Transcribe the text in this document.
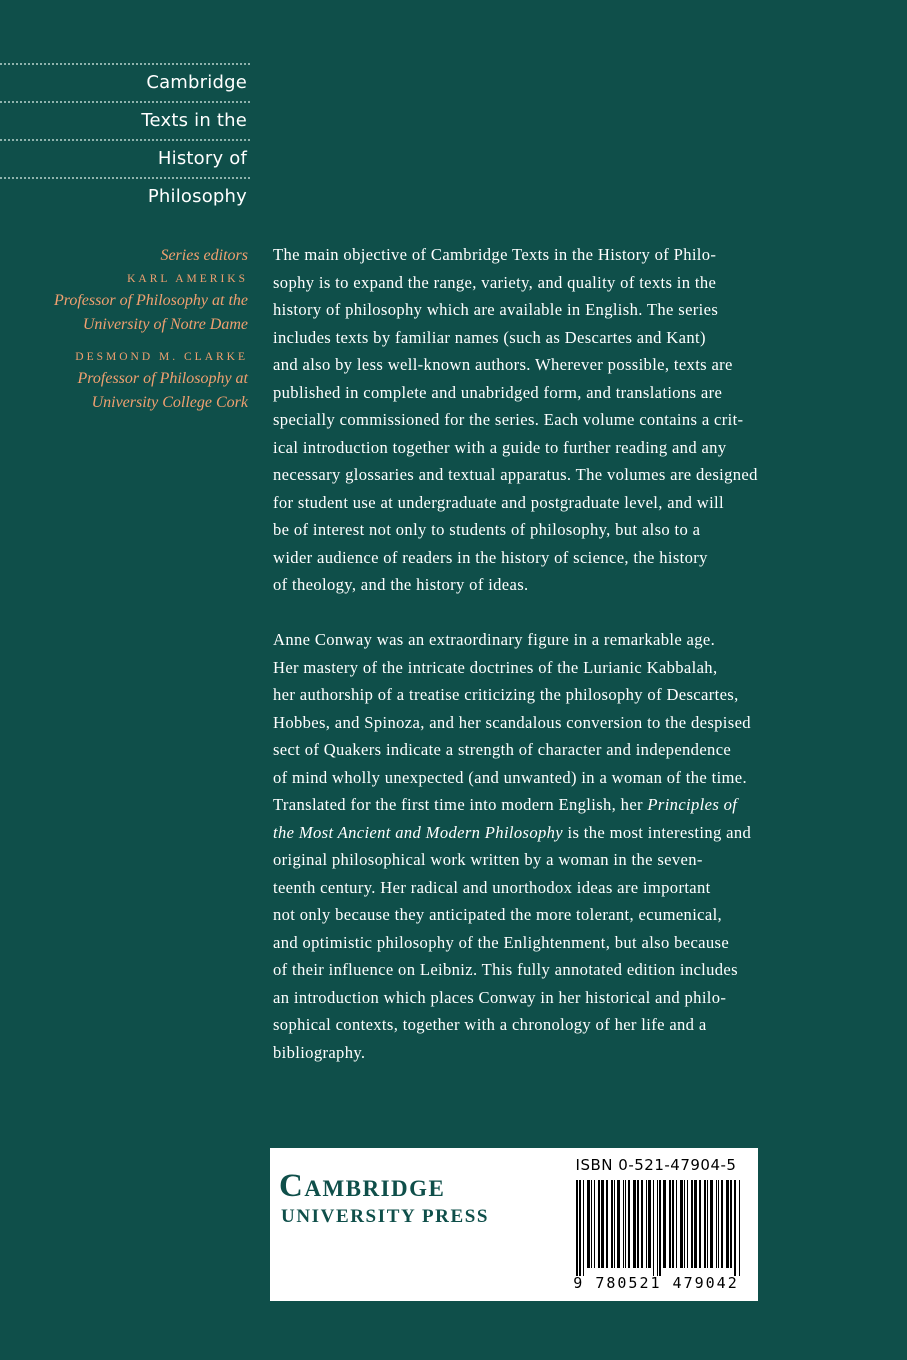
Cambridge
Texts in the
History of
Philosophy
Series editors
KARL AMERIKS
Professor of Philosophy at the
University of Notre Dame
DESMOND M. CLARKE
Professor of Philosophy at
University College Cork

The main objective of Cambridge Texts in the History of Philo-
sophy is to expand the range, variety, and quality of texts in the
history of philosophy which are available in English. The series
includes texts by familiar names (such as Descartes and Kant)
and also by less well-known authors. Wherever possible, texts are
published in complete and unabridged form, and translations are
specially commissioned for the series. Each volume contains a crit-
ical introduction together with a guide to further reading and any
necessary glossaries and textual apparatus. The volumes are designed
for student use at undergraduate and postgraduate level, and will
be of interest not only to students of philosophy, but also to a
wider audience of readers in the history of science, the history
of theology, and the history of ideas.

Anne Conway was an extraordinary figure in a remarkable age.
Her mastery of the intricate doctrines of the Lurianic Kabbalah,
her authorship of a treatise criticizing the philosophy of Descartes,
Hobbes, and Spinoza, and her scandalous conversion to the despised
sect of Quakers indicate a strength of character and independence
of mind wholly unexpected (and unwanted) in a woman of the time.
Translated for the first time into modern English, her Principles of
the Most Ancient and Modern Philosophy is the most interesting and
original philosophical work written by a woman in the seven-
teenth century. Her radical and unorthodox ideas are important
not only because they anticipated the more tolerant, ecumenical,
and optimistic philosophy of the Enlightenment, but also because
of their influence on Leibniz. This fully annotated edition includes
an introduction which places Conway in her historical and philo-
sophical contexts, together with a chronology of her life and a
bibliography.

Cambridge
UNIVERSITY PRESS
ISBN 0-521-47904-5
9 780521 479042
